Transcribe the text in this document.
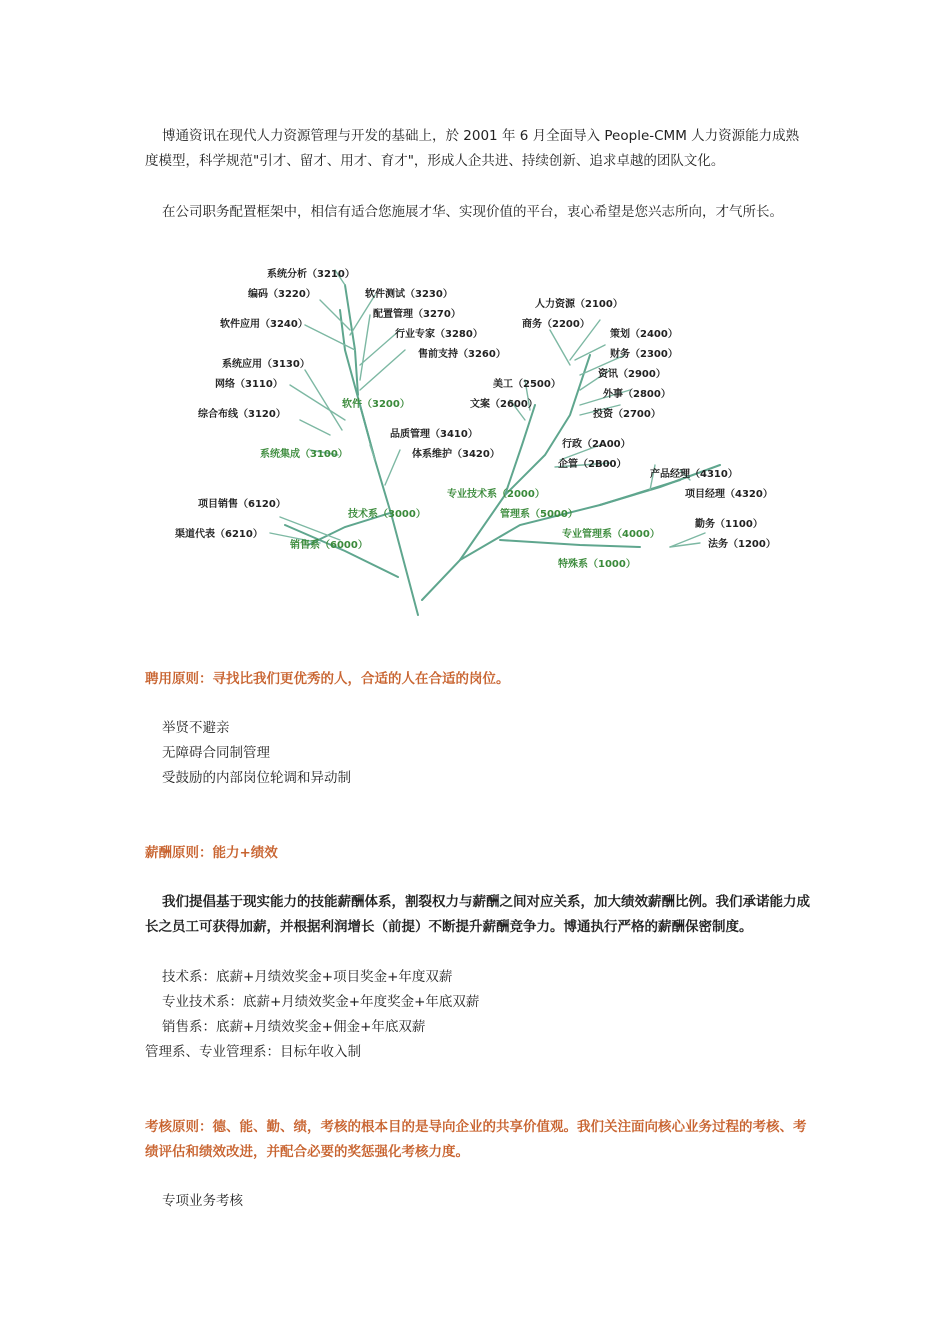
博通资讯在现代人力资源管理与开发的基础上，於 2001 年 6 月全面导入 People-CMM 人力资源能力成熟度模型，科学规范"引才、留才、用才、育才"，形成人企共进、持续创新、追求卓越的团队文化。

在公司职务配置框架中，相信有适合您施展才华、实现价值的平台，衷心希望是您兴志所向，才气所长。

系统分析（3210）
编码（3220）	软件测试（3230）
配置管理（3270）
软件应用（3240）
行业专家（3280）
售前支持（3260）
系统应用（3130）
网络（3110）
综合布线（3120）
软件（3200）
品质管理（3410）
系统集成（3100）	体系维护（3420）
项目销售（6120）
技术系（3000）
渠道代表（6210）
销售系（6000）
人力资源（2100）
商务（2200）
策划（2400）
财务（2300）
资讯（2900）
美工（2500）
外事（2800）
文案（2600）
投资（2700）
行政（2A00）
企管（2B00）
专业技术系（2000）
管理系（5000）
产品经理（4310）
项目经理（4320）
专业管理系（4000）
勤务（1100）
法务（1200）
特殊系（1000）

聘用原则：寻找比我们更优秀的人，合适的人在合适的岗位。

举贤不避亲

无障碍合同制管理

受鼓励的内部岗位轮调和异动制

薪酬原则：能力+绩效

我们提倡基于现实能力的技能薪酬体系，割裂权力与薪酬之间对应关系，加大绩效薪酬比例。我们承诺能力成长之员工可获得加薪，并根据利润增长（前提）不断提升薪酬竞争力。博通执行严格的薪酬保密制度。

技术系：底薪+月绩效奖金+项目奖金+年度双薪

专业技术系：底薪+月绩效奖金+年度奖金+年底双薪

销售系：底薪+月绩效奖金+佣金+年底双薪

管理系、专业管理系：目标年收入制

考核原则：德、能、勤、绩，考核的根本目的是导向企业的共享价值观。我们关注面向核心业务过程的考核、考绩评估和绩效改进，并配合必要的奖惩强化考核力度。

专项业务考核
